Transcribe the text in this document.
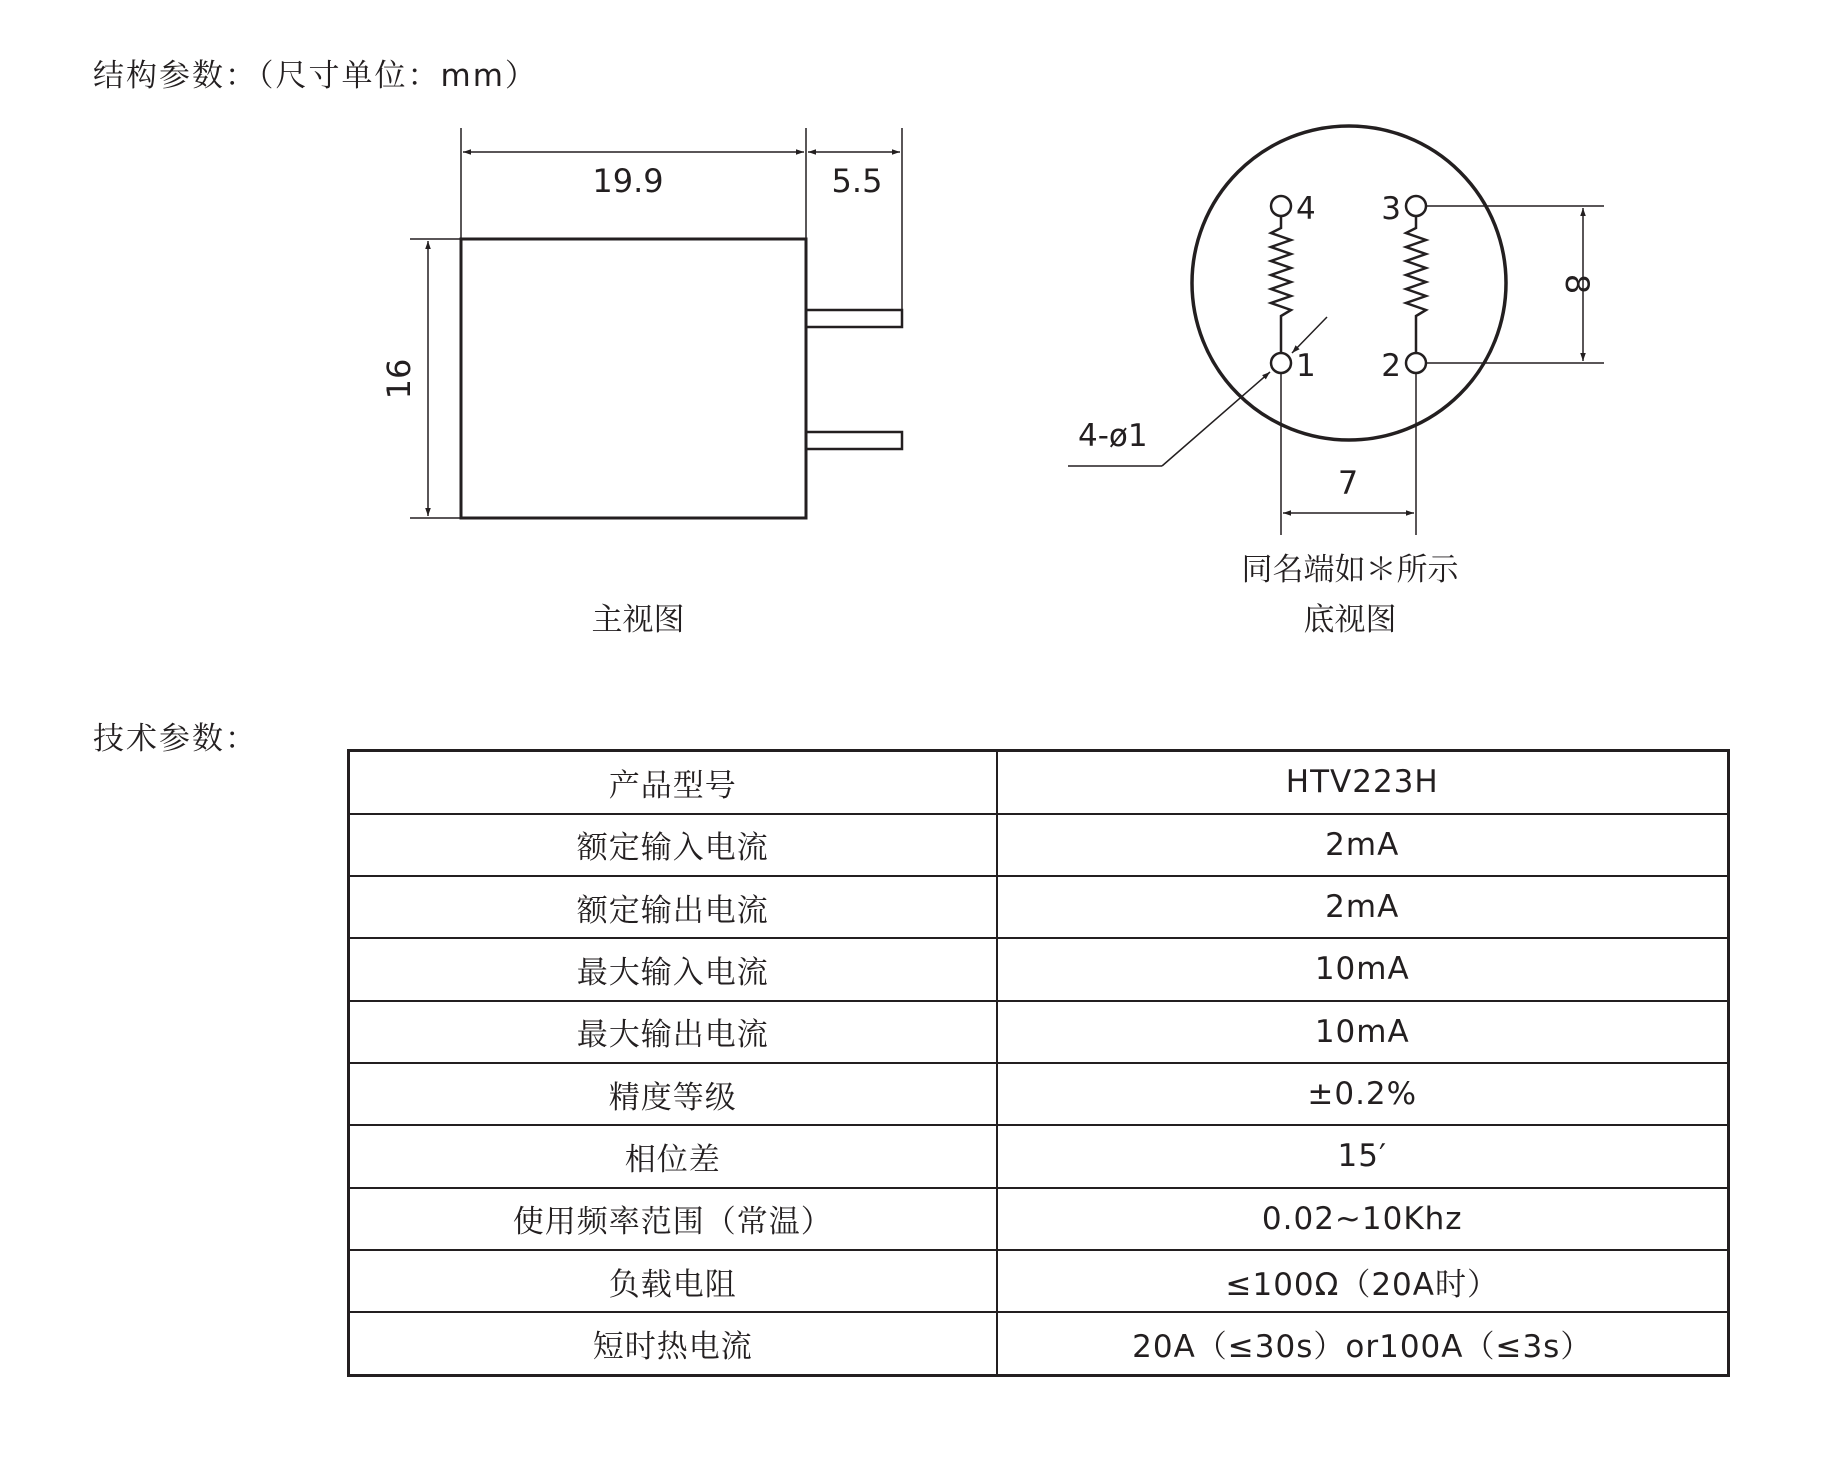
结构参数：（尺寸单位：mm）
19.9	5.5
16
主视图
4 3
1 2
4-ø1
8
7
同名端如＊所示
底视图
技术参数：
产品型号	HTV223H
额定输入电流	2mA
额定输出电流	2mA
最大输入电流	10mA
最大输出电流	10mA
精度等级	±0.2%
相位差	15′
使用频率范围（常温）	0.02~10Khz
负载电阻	≤100Ω（20A时）
短时热电流	20A（≤30s）or100A（≤3s）
